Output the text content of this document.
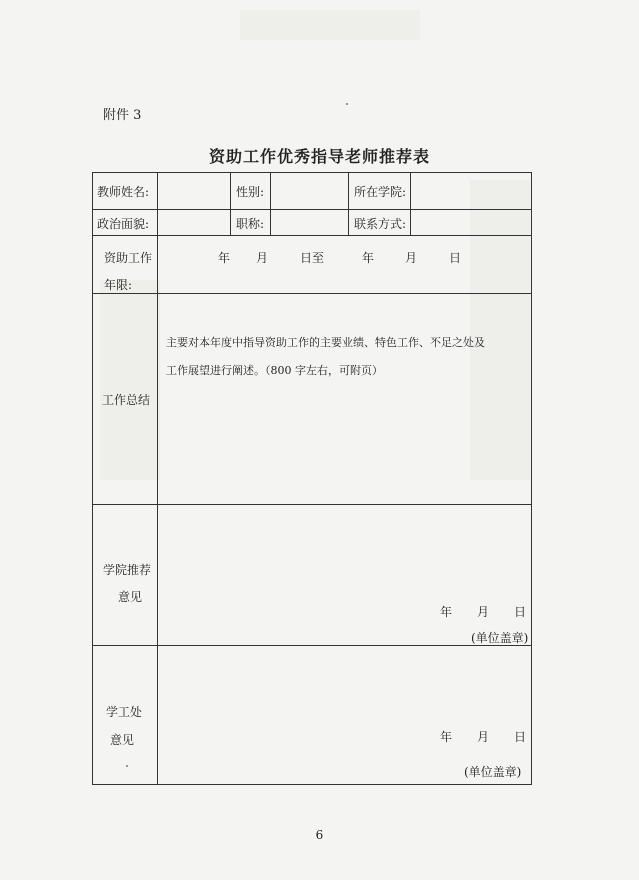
附件 3
资助工作优秀指导老师推荐表
教师姓名:	性别:	所在学院:
政治面貌:	职称:	联系方式:
资助工作
年限:
年 月	日至	年	月	日
工作总结
主要对本年度中指导资助工作的主要业绩、特色工作、不足之处及
工作展望进行阐述。（800 字左右，可附页）
学院推荐
意见
年 月 日
(单位盖章)
学工处
意见	年 月 日
(单位盖章)
6
